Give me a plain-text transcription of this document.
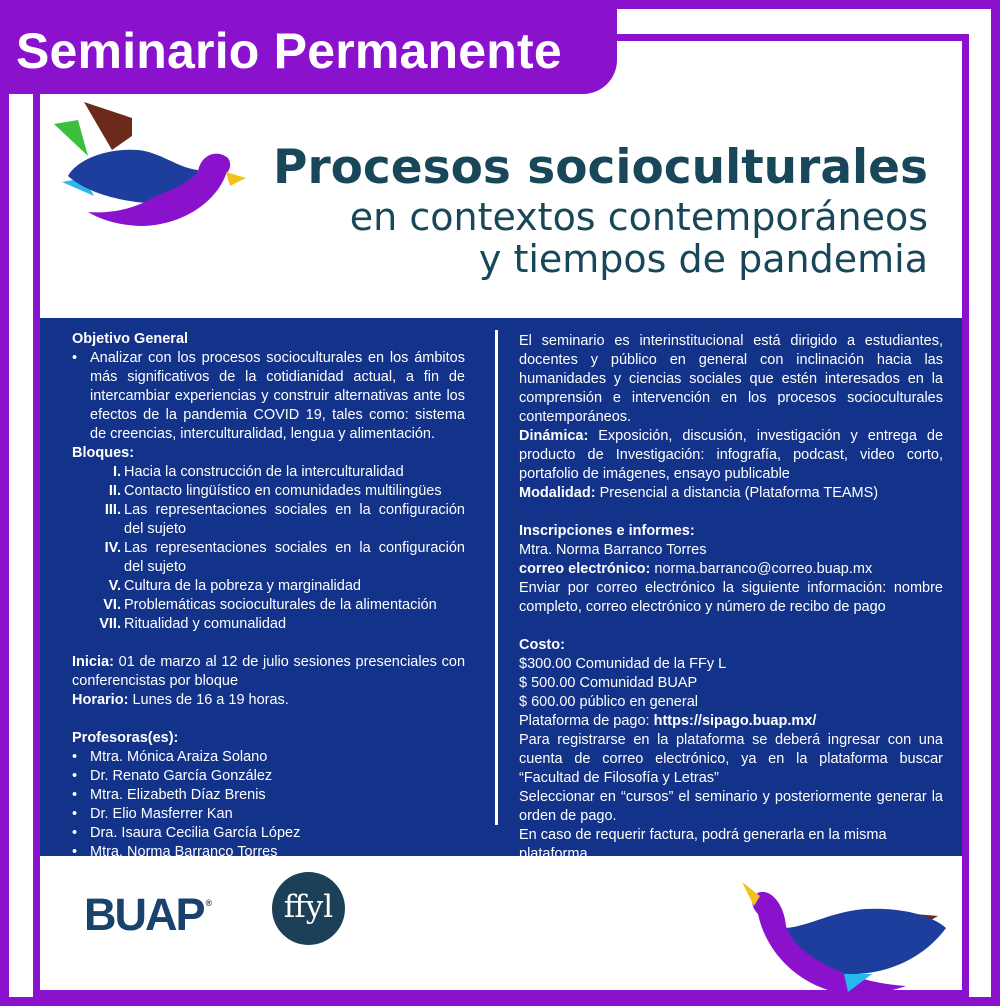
Seminario Permanente
Procesos socioculturales
en contextos contemporáneos
y tiempos de pandemia
Objetivo General
• Analizar con los procesos socioculturales en los ámbitos más significativos de la cotidianidad actual, a fin de intercambiar experiencias y construir alternativas ante los efectos de la pandemia COVID 19, tales como: sistema de creencias, interculturalidad, lengua y alimentación.
Bloques:
I. Hacia la construcción de la interculturalidad
II. Contacto lingüístico en comunidades multilingües
III. Las representaciones sociales en la configuración del sujeto
IV. Las representaciones sociales en la configuración del sujeto
V. Cultura de la pobreza y marginalidad
VI. Problemáticas socioculturales de la alimentación
VII. Ritualidad y comunalidad
Inicia: 01 de marzo al 12 de julio sesiones presenciales con conferencistas por bloque
Horario: Lunes de 16 a 19 horas.
Profesoras(es):
• Mtra. Mónica Araiza Solano
• Dr. Renato García González
• Mtra. Elizabeth Díaz Brenis
• Dr. Elio Masferrer Kan
• Dra. Isaura Cecilia García López
• Mtra. Norma Barranco Torres
El seminario es interinstitucional está dirigido a estudiantes, docentes y público en general con inclinación hacia las humanidades y ciencias sociales que estén interesados en la comprensión e intervención en los procesos socioculturales contemporáneos.
Dinámica: Exposición, discusión, investigación y entrega de producto de Investigación: infografía, podcast, video corto, portafolio de imágenes, ensayo publicable
Modalidad: Presencial a distancia (Plataforma TEAMS)
Inscripciones e informes:
Mtra. Norma Barranco Torres
correo electrónico: norma.barranco@correo.buap.mx
Enviar por correo electrónico la siguiente información: nombre completo, correo electrónico y número de recibo de pago
Costo:
$300.00 Comunidad de la FFy L
$ 500.00 Comunidad BUAP
$ 600.00 público en general
Plataforma de pago: https://sipago.buap.mx/
Para registrarse en la plataforma se deberá ingresar con una cuenta de correo electrónico, ya en la plataforma buscar “Facultad de Filosofía y Letras”
Seleccionar en “cursos” el seminario y posteriormente generar la orden de pago.
En caso de requerir factura, podrá generarla en la misma plataforma.
BUAP ® ffyl
